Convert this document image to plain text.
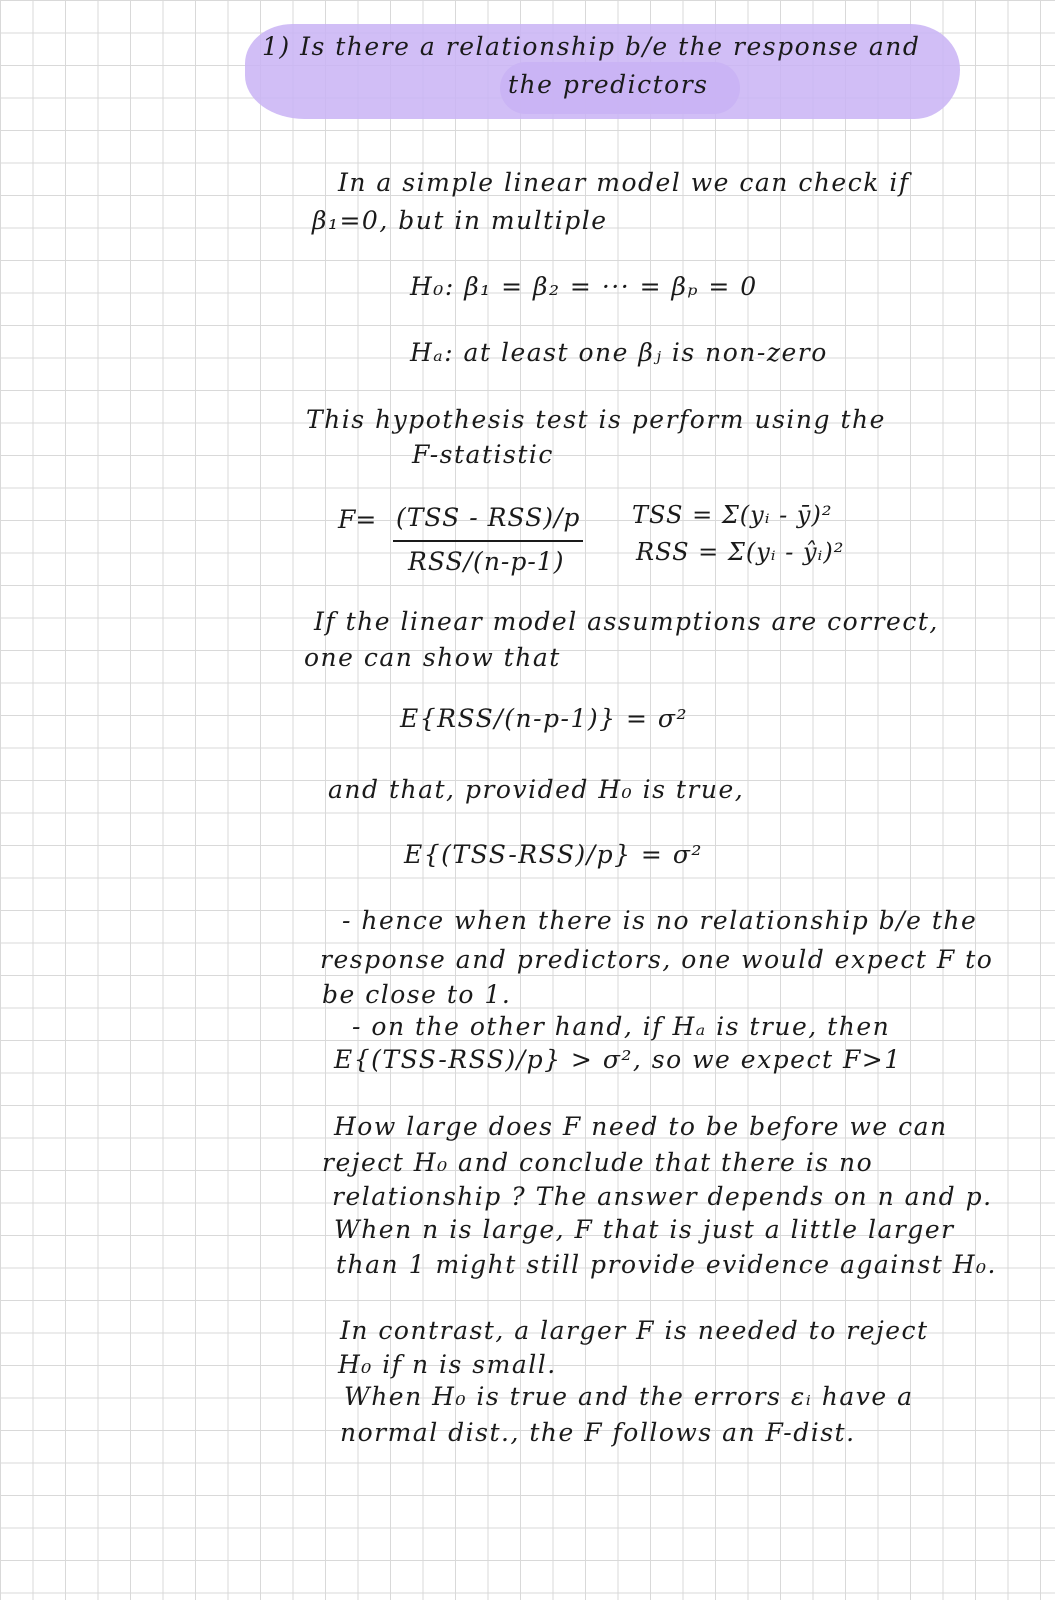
1) Is there a relationship b/e the response and
the predictors
In a simple linear model we can check if
β₁=0, but in multiple
H₀: β₁ = β₂ = ··· = βₚ = 0
Hₐ: at least one βⱼ is non-zero
This hypothesis test is perform using the
F-statistic
F= (TSS - RSS)/p
RSS/(n-p-1)
TSS = Σ(yᵢ - ȳ)²
RSS = Σ(yᵢ - ŷᵢ)²
If the linear model assumptions are correct,
one can show that
E{RSS/(n-p-1)} = σ²
and that, provided H₀ is true,
E{(TSS-RSS)/p} = σ²
- hence when there is no relationship b/e the
response and predictors, one would expect F to
be close to 1.
- on the other hand, if Hₐ is true, then
E{(TSS-RSS)/p} > σ², so we expect F>1
How large does F need to be before we can
reject H₀ and conclude that there is no
relationship ? The answer depends on n and p.
When n is large, F that is just a little larger
than 1 might still provide evidence against H₀.
In contrast, a larger F is needed to reject
H₀ if n is small.
When H₀ is true and the errors εᵢ have a
normal dist., the F follows an F-dist.
